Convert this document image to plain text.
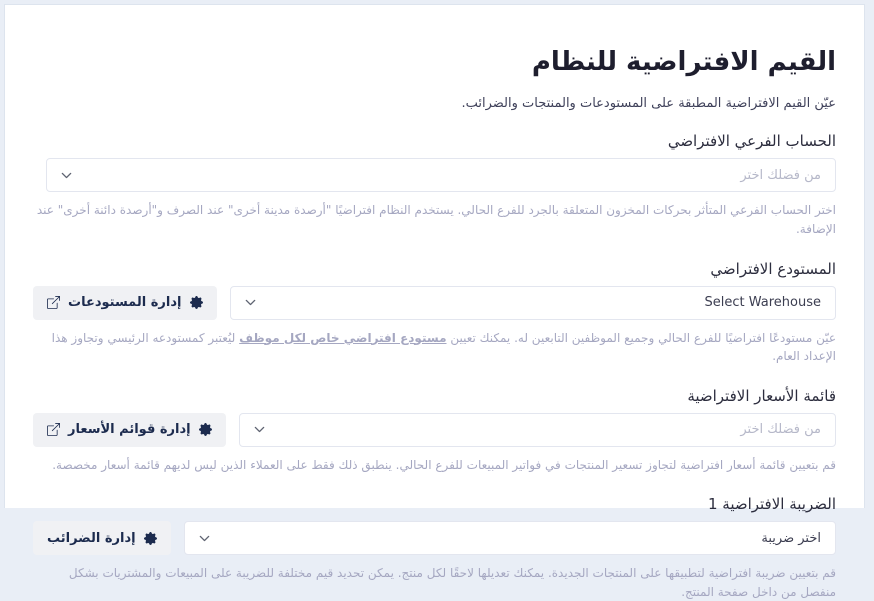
القيم الافتراضية للنظام
عيّن القيم الافتراضية المطبقة على المستودعات والمنتجات والضرائب.
الحساب الفرعي الافتراضي
من فضلك اختر

اختر الحساب الفرعي المتأثر بحركات المخزون المتعلقة بالجرد للفرع الحالي. يستخدم النظام افتراضيًا "أرصدة مدينة أخرى" عند الصرف و"أرصدة دائنة أخرى" عند الإضافة.

المستودع الافتراضي
Select Warehouse
إدارة المستودعات

عيّن مستودعًا افتراضيًا للفرع الحالي وجميع الموظفين التابعين له. يمكنك تعيين مستودع افتراضي خاص لكل موظف ليُعتبر كمستودعه الرئيسي وتجاوز هذا الإعداد العام.

قائمة الأسعار الافتراضية
من فضلك اختر
إدارة قوائم الأسعار

قم بتعيين قائمة أسعار افتراضية لتجاوز تسعير المنتجات في فواتير المبيعات للفرع الحالي. ينطبق ذلك فقط على العملاء الذين ليس لديهم قائمة أسعار مخصصة.

الضريبة الافتراضية 1
اختر ضريبة
إدارة الضرائب

قم بتعيين ضريبة افتراضية لتطبيقها على المنتجات الجديدة. يمكنك تعديلها لاحقًا لكل منتج. يمكن تحديد قيم مختلفة للضريبة على المبيعات والمشتريات بشكل منفصل من داخل صفحة المنتج.
